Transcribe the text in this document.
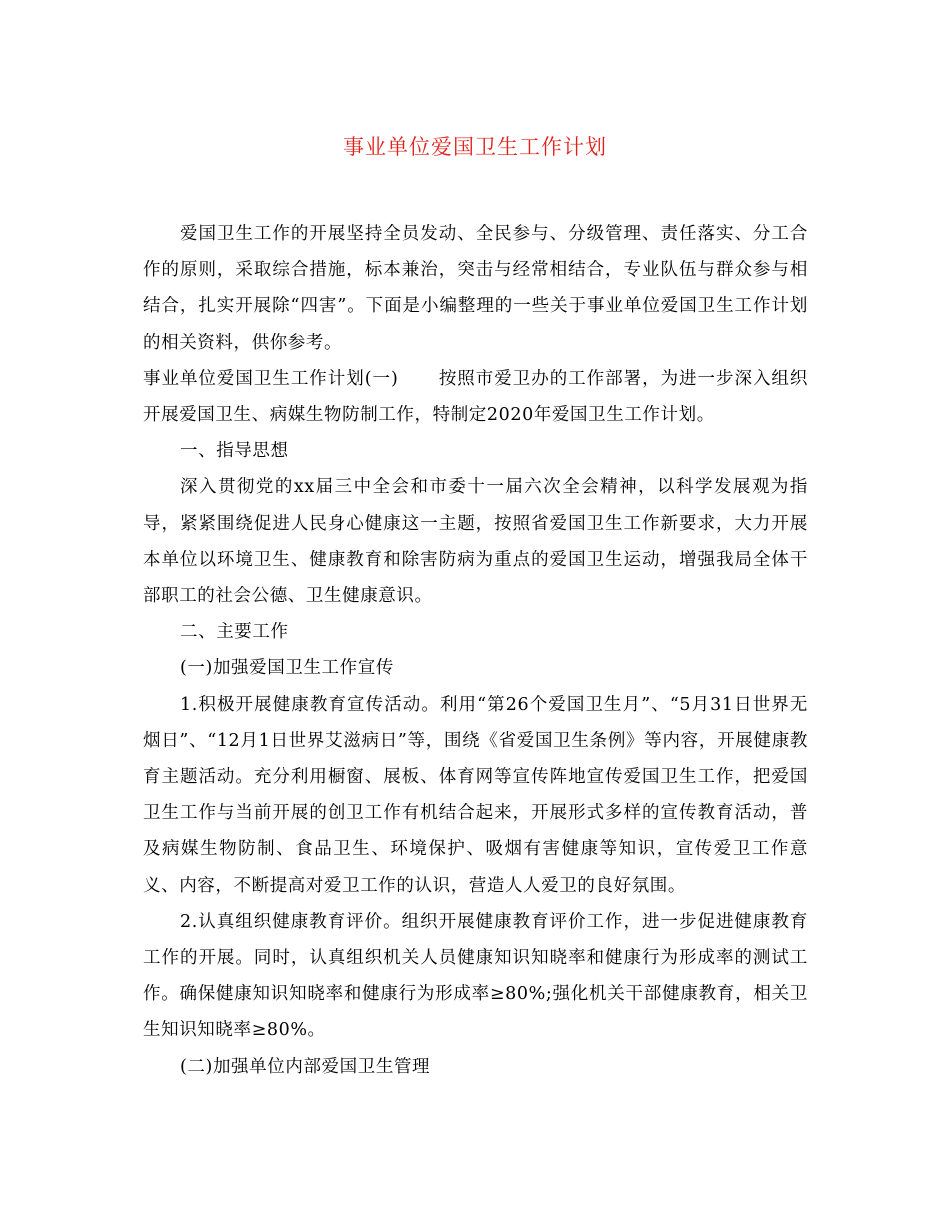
事业单位爱国卫生工作计划

爱国卫生工作的开展坚持全员发动、全民参与、分级管理、责任落实、分工合作的原则，采取综合措施，标本兼治，突击与经常相结合，专业队伍与群众参与相结合，扎实开展除“四害”。下面是小编整理的一些关于事业单位爱国卫生工作计划的相关资料，供你参考。

事业单位爱国卫生工作计划(一) 按照市爱卫办的工作部署，为进一步深入组织开展爱国卫生、病媒生物防制工作，特制定2020年爱国卫生工作计划。

一、指导思想

深入贯彻党的xx届三中全会和市委十一届六次全会精神，以科学发展观为指导，紧紧围绕促进人民身心健康这一主题，按照省爱国卫生工作新要求，大力开展本单位以环境卫生、健康教育和除害防病为重点的爱国卫生运动，增强我局全体干部职工的社会公德、卫生健康意识。

二、主要工作

(一)加强爱国卫生工作宣传

1.积极开展健康教育宣传活动。利用“第26个爱国卫生月”、“5月31日世界无烟日”、“12月1日世界艾滋病日”等，围绕《省爱国卫生条例》等内容，开展健康教育主题活动。充分利用橱窗、展板、体育网等宣传阵地宣传爱国卫生工作，把爱国卫生工作与当前开展的创卫工作有机结合起来，开展形式多样的宣传教育活动，普及病媒生物防制、食品卫生、环境保护、吸烟有害健康等知识，宣传爱卫工作意义、内容，不断提高对爱卫工作的认识，营造人人爱卫的良好氛围。

2.认真组织健康教育评价。组织开展健康教育评价工作，进一步促进健康教育工作的开展。同时，认真组织机关人员健康知识知晓率和健康行为形成率的测试工作。确保健康知识知晓率和健康行为形成率≥80%;强化机关干部健康教育，相关卫生知识知晓率≥80%。

(二)加强单位内部爱国卫生管理
